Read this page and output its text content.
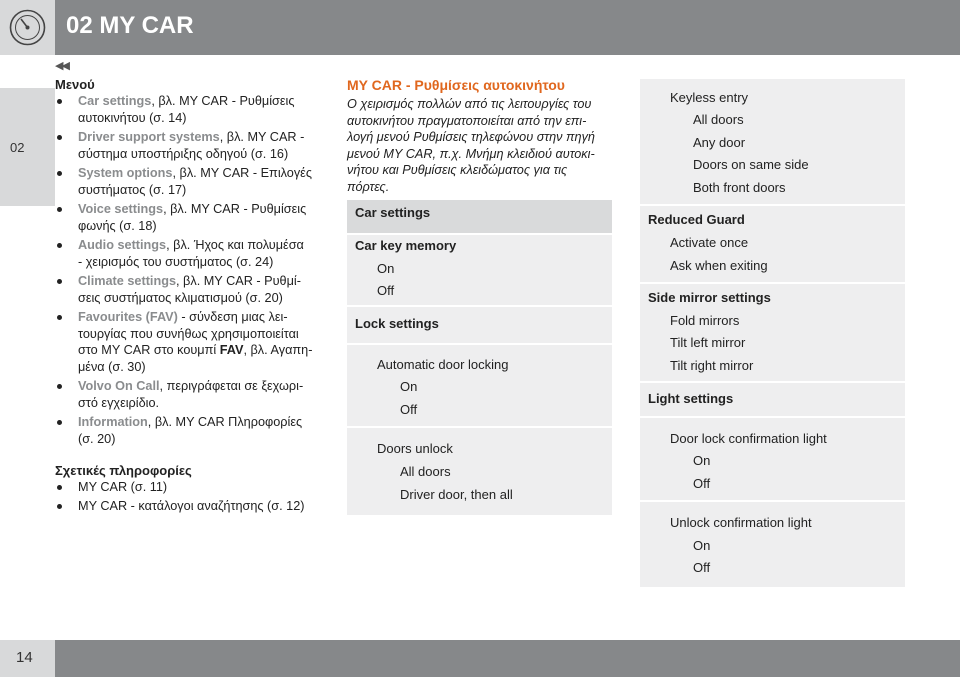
02 MY CAR
02
◀◀
Μενού
Car settings, βλ. MY CAR - Ρυθμίσεις
αυτοκινήτου (σ. 14)
Driver support systems, βλ. MY CAR -
σύστημα υποστήριξης οδηγού (σ. 16)
System options, βλ. MY CAR - Επιλογές
συστήματος (σ. 17)
Voice settings, βλ. MY CAR - Ρυθμίσεις
φωνής (σ. 18)
Audio settings, βλ. Ήχος και πολυμέσα
- χειρισμός του συστήματος (σ. 24)
Climate settings, βλ. MY CAR - Ρυθμί-
σεις συστήματος κλιματισμού (σ. 20)
Favourites (FAV) - σύνδεση μιας λει-
τουργίας που συνήθως χρησιμοποιείται
στο MY CAR στο κουμπί FAV, βλ. Αγαπη-
μένα (σ. 30)
Volvo On Call, περιγράφεται σε ξεχωρι-
στό εγχειρίδιο.
Information, βλ. MY CAR Πληροφορίες
(σ. 20)
Σχετικές πληροφορίες
MY CAR (σ. 11)
MY CAR - κατάλογοι αναζήτησης (σ. 12)
MY CAR - Ρυθμίσεις αυτοκινήτου
Ο χειρισμός πολλών από τις λειτουργίες του
αυτοκινήτου πραγματοποιείται από την επι-
λογή μενού Ρυθμίσεις τηλεφώνου στην πηγή
μενού MY CAR, π.χ. Μνήμη κλειδιού αυτοκι-
νήτου και Ρυθμίσεις κλειδώματος για τις
πόρτες.
Car settings
Car key memory
On
Off
Lock settings
Automatic door locking
On
Off
Doors unlock
All doors
Driver door, then all
Keyless entry
All doors
Any door
Doors on same side
Both front doors
Reduced Guard
Activate once
Ask when exiting
Side mirror settings
Fold mirrors
Tilt left mirror
Tilt right mirror
Light settings
Door lock confirmation light
On
Off
Unlock confirmation light
On
Off
14
